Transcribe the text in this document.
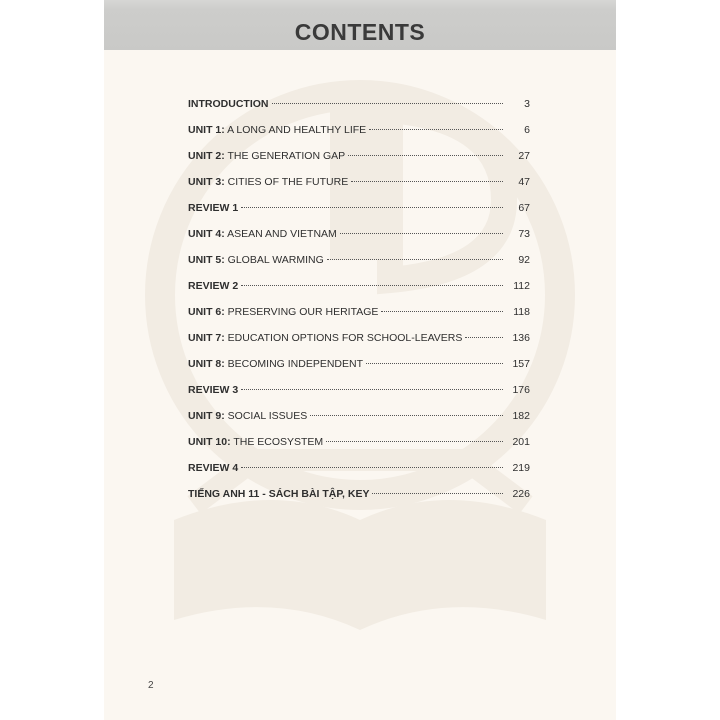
CONTENTS
INTRODUCTION	3
UNIT 1: A LONG AND HEALTHY LIFE	6
UNIT 2: THE GENERATION GAP	27
UNIT 3: CITIES OF THE FUTURE	47
REVIEW 1	67
UNIT 4: ASEAN AND VIETNAM	73
UNIT 5: GLOBAL WARMING	92
REVIEW 2	112
UNIT 6: PRESERVING OUR HERITAGE	118
UNIT 7: EDUCATION OPTIONS FOR SCHOOL-LEAVERS	136
UNIT 8: BECOMING INDEPENDENT	157
REVIEW 3	176
UNIT 9: SOCIAL ISSUES	182
UNIT 10: THE ECOSYSTEM	201
REVIEW 4	219
TIẾNG ANH 11 - SÁCH BÀI TẬP, KEY	226
2
